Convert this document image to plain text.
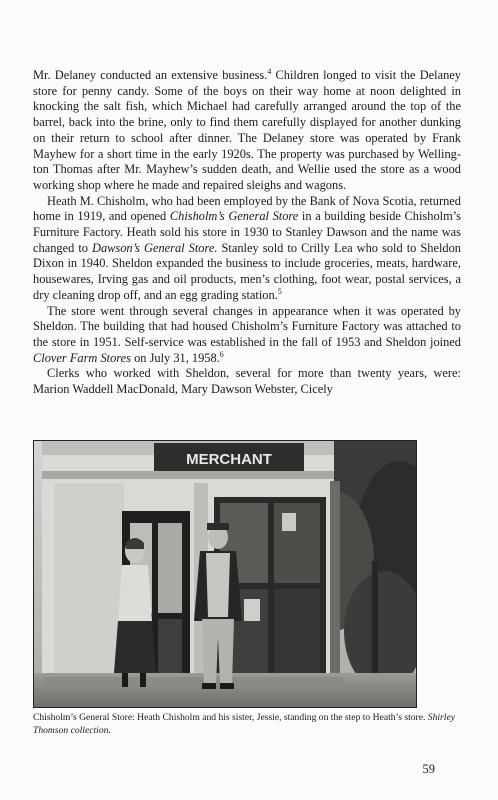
Mr. Delaney conducted an extensive business.$^4$ Children longed to visit the Delaney store for penny candy. Some of the boys on their way home at noon delighted in knocking the salt fish, which Michael had carefully arranged around the top of the barrel, back into the brine, only to find them carefully displayed for another dunking on their return to school after dinner. The Delaney store was operated by Frank Mayhew for a short time in the early 1920s. The property was purchased by Wellington Thomas after Mr. Mayhew’s sudden death, and Wellie used the store as a wood working shop where he made and repaired sleighs and wagons.

Heath M. Chisholm, who had been employed by the Bank of Nova Scotia, returned home in 1919, and opened Chisholm’s General Store in a building beside Chisholm’s Furniture Factory. Heath sold his store in 1930 to Stanley Dawson and the name was changed to Dawson’s General Store. Stanley sold to Crilly Lea who sold to Sheldon Dixon in 1940. Sheldon expanded the business to include groceries, meats, hardware, housewares, Irving gas and oil products, men’s clothing, foot wear, postal services, a dry cleaning drop off, and an egg grading station.$^5$

The store went through several changes in appearance when it was operated by Sheldon. The building that had housed Chisholm’s Furniture Factory was attached to the store in 1951. Self-service was established in the fall of 1953 and Sheldon joined Clover Farm Stores on July 31, 1958.$^6$

Clerks who worked with Sheldon, several for more than twenty years, were: Marion Waddell MacDonald, Mary Dawson Webster, Cicely

MERCHANT
Chisholm’s General Store: Heath Chisholm and his sister, Jessie, standing on the step to Heath’s store. Shirley Thomson collection.
59
